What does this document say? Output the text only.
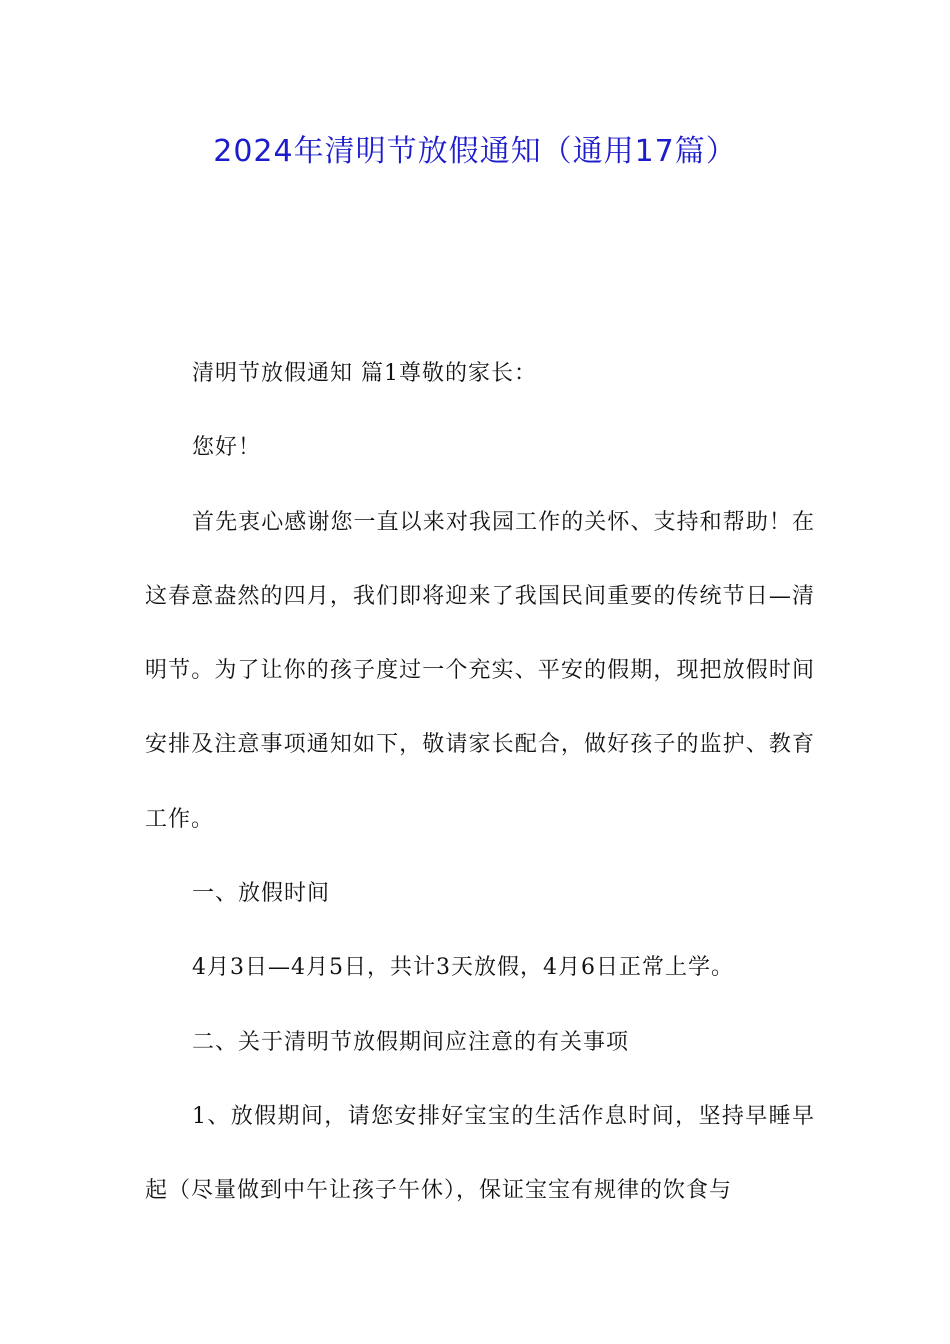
2024年清明节放假通知（通用17篇）

清明节放假通知 篇1尊敬的家长：

您好！

首先衷心感谢您一直以来对我园工作的关怀、支持和帮助！在这春意盎然的四月，我们即将迎来了我国民间重要的传统节日—清明节。为了让你的孩子度过一个充实、平安的假期，现把放假时间安排及注意事项通知如下，敬请家长配合，做好孩子的监护、教育工作。

一、放假时间

4月3日—4月5日，共计3天放假，4月6日正常上学。

二、关于清明节放假期间应注意的有关事项

1、放假期间，请您安排好宝宝的生活作息时间，坚持早睡早起（尽量做到中午让孩子午休），保证宝宝有规律的饮食与
